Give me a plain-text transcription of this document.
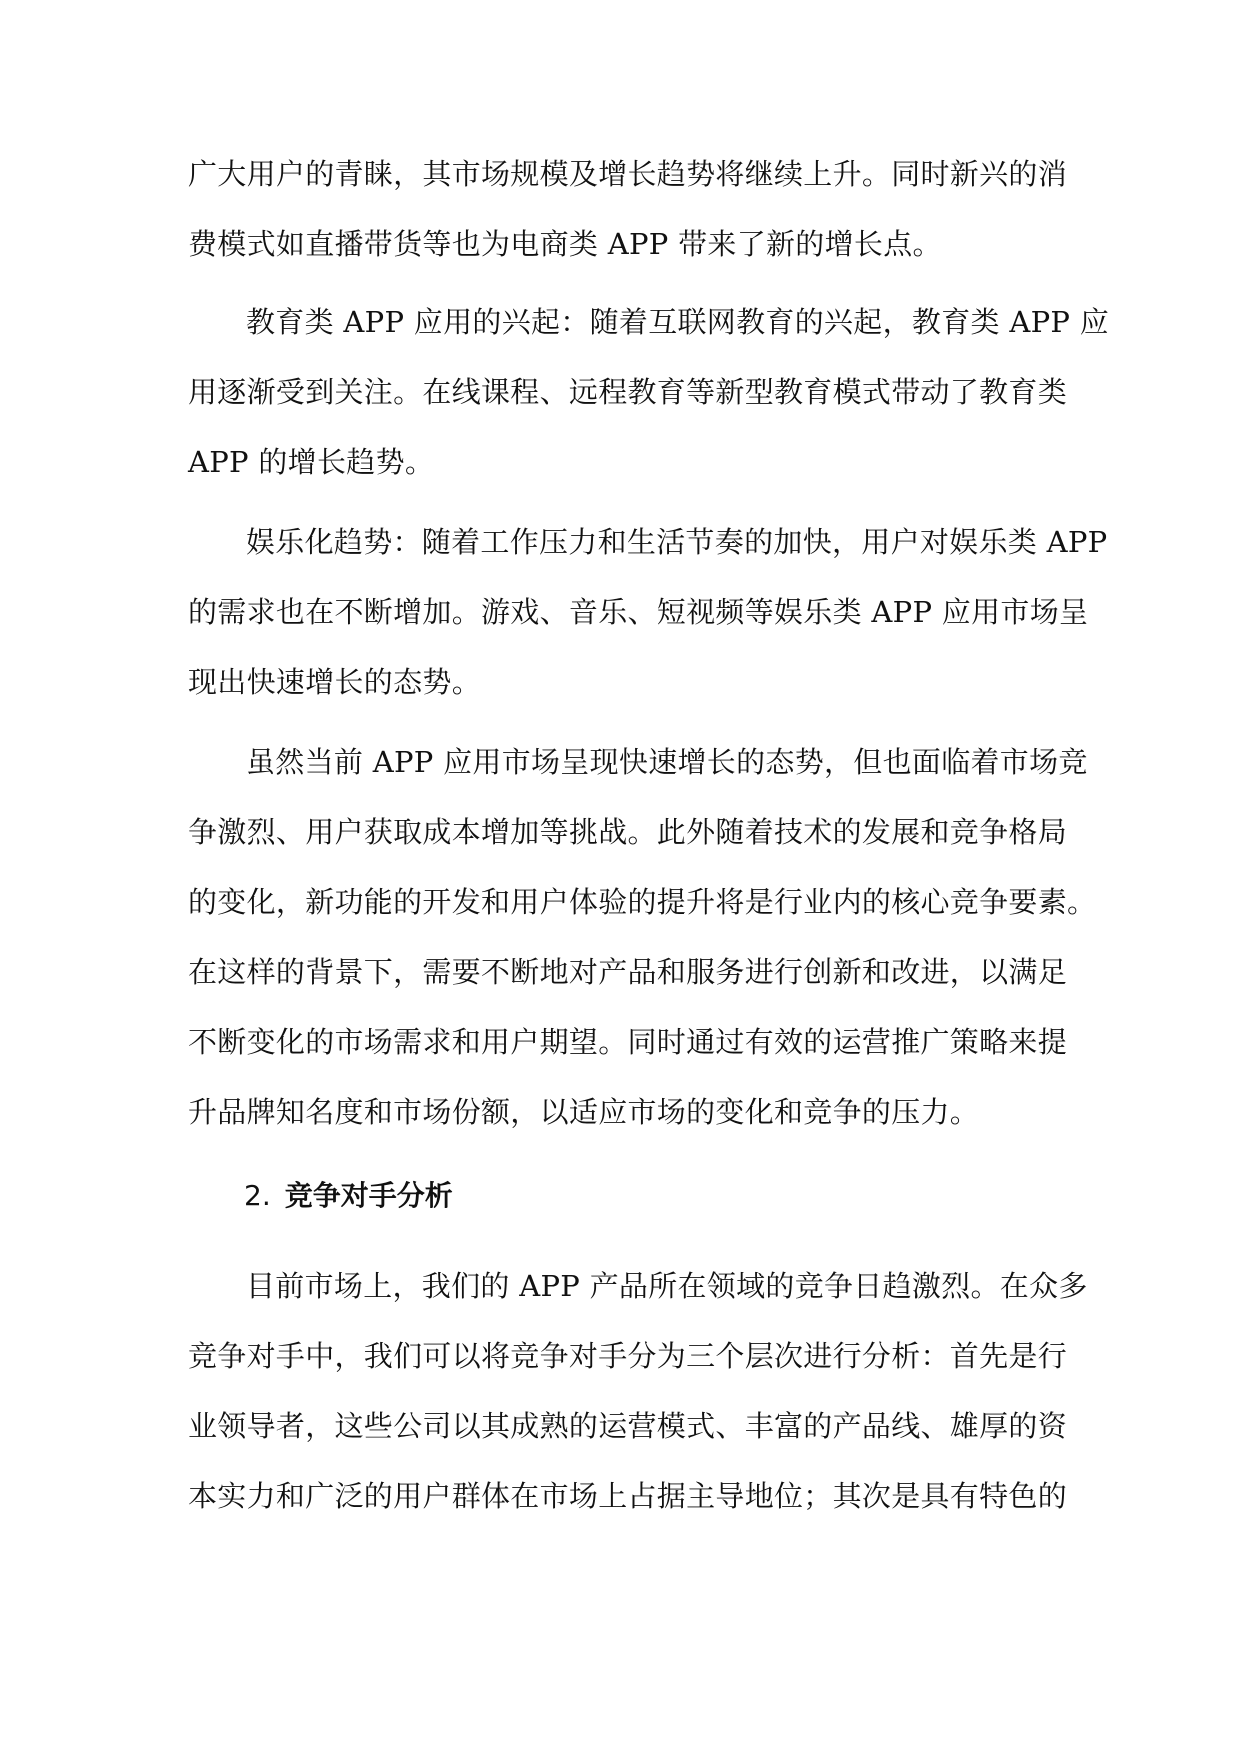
广大用户的青睐，其市场规模及增长趋势将继续上升。同时新兴的消
费模式如直播带货等也为电商类 APP 带来了新的增长点。
教育类 APP 应用的兴起：随着互联网教育的兴起，教育类 APP 应
用逐渐受到关注。在线课程、远程教育等新型教育模式带动了教育类
APP 的增长趋势。
娱乐化趋势：随着工作压力和生活节奏的加快，用户对娱乐类 APP
的需求也在不断增加。游戏、音乐、短视频等娱乐类 APP 应用市场呈
现出快速增长的态势。
虽然当前 APP 应用市场呈现快速增长的态势，但也面临着市场竞
争激烈、用户获取成本增加等挑战。此外随着技术的发展和竞争格局
的变化，新功能的开发和用户体验的提升将是行业内的核心竞争要素。
在这样的背景下，需要不断地对产品和服务进行创新和改进，以满足
不断变化的市场需求和用户期望。同时通过有效的运营推广策略来提
升品牌知名度和市场份额，以适应市场的变化和竞争的压力。
2. 竞争对手分析
目前市场上，我们的 APP 产品所在领域的竞争日趋激烈。在众多
竞争对手中，我们可以将竞争对手分为三个层次进行分析：首先是行
业领导者，这些公司以其成熟的运营模式、丰富的产品线、雄厚的资
本实力和广泛的用户群体在市场上占据主导地位；其次是具有特色的
